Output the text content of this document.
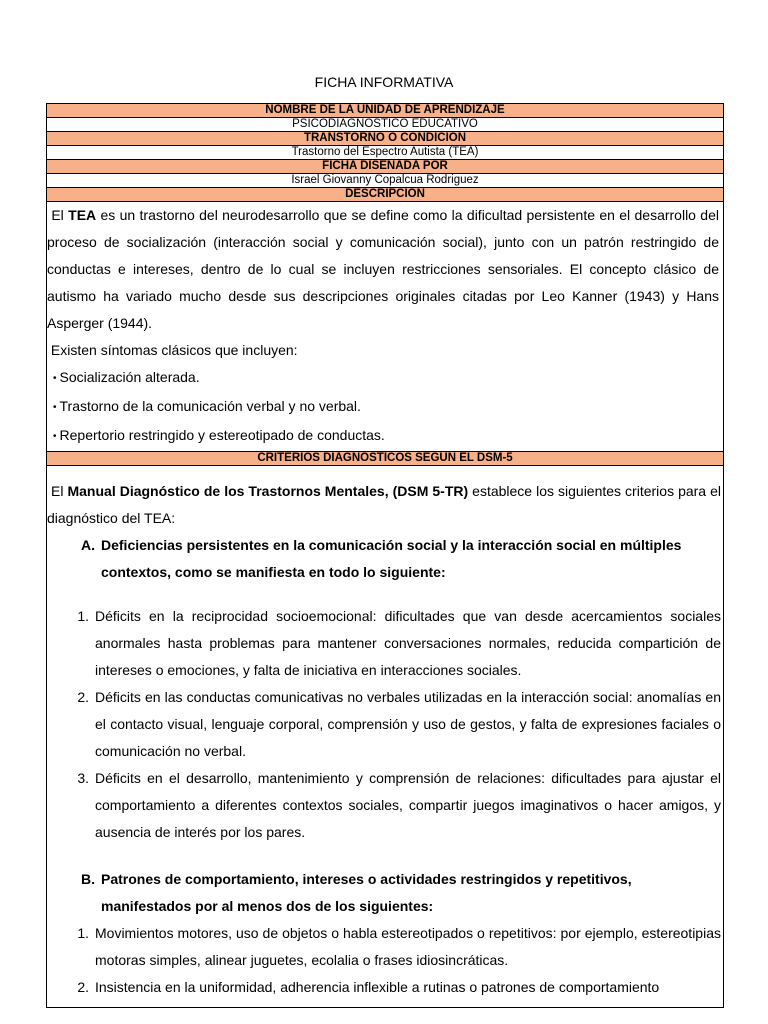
FICHA INFORMATIVA
NOMBRE DE LA UNIDAD DE APRENDIZAJE
PSICODIAGNOSTICO EDUCATIVO
TRANSTORNO O CONDICIÓN
Trastorno del Espectro Autista (TEA)
FICHA DISEÑADA POR
Israel Giovanny Copalcua Rodriguez
DESCRIPCIÓN

El TEA es un trastorno del neurodesarrollo que se define como la dificultad persistente en el desarrollo del proceso de socialización (interacción social y comunicación social), junto con un patrón restringido de conductas e intereses, dentro de lo cual se incluyen restricciones sensoriales. El concepto clásico de autismo ha variado mucho desde sus descripciones originales citadas por Leo Kanner (1943) y Hans Asperger (1944).

Existen síntomas clásicos que incluyen:

• Socialización alterada.
• Trastorno de la comunicación verbal y no verbal.
• Repertorio restringido y estereotipado de conductas.

CRITERIOS DIAGNÓSTICOS SEGÚN EL DSM-5

El Manual Diagnóstico de los Trastornos Mentales, (DSM 5-TR) establece los siguientes criterios para el diagnóstico del TEA:

A. Deficiencias persistentes en la comunicación social y la interacción social en múltiples contextos, como se manifiesta en todo lo siguiente:
1. Déficits en la reciprocidad socioemocional: dificultades que van desde acercamientos sociales anormales hasta problemas para mantener conversaciones normales, reducida compartición de intereses o emociones, y falta de iniciativa en interacciones sociales.
2. Déficits en las conductas comunicativas no verbales utilizadas en la interacción social: anomalías en el contacto visual, lenguaje corporal, comprensión y uso de gestos, y falta de expresiones faciales o comunicación no verbal.
3. Déficits en el desarrollo, mantenimiento y comprensión de relaciones: dificultades para ajustar el comportamiento a diferentes contextos sociales, compartir juegos imaginativos o hacer amigos, y ausencia de interés por los pares.
B. Patrones de comportamiento, intereses o actividades restringidos y repetitivos, manifestados por al menos dos de los siguientes:
1. Movimientos motores, uso de objetos o habla estereotipados o repetitivos: por ejemplo, estereotipias motoras simples, alinear juguetes, ecolalia o frases idiosincráticas.
2. Insistencia en la uniformidad, adherencia inflexible a rutinas o patrones de comportamiento
